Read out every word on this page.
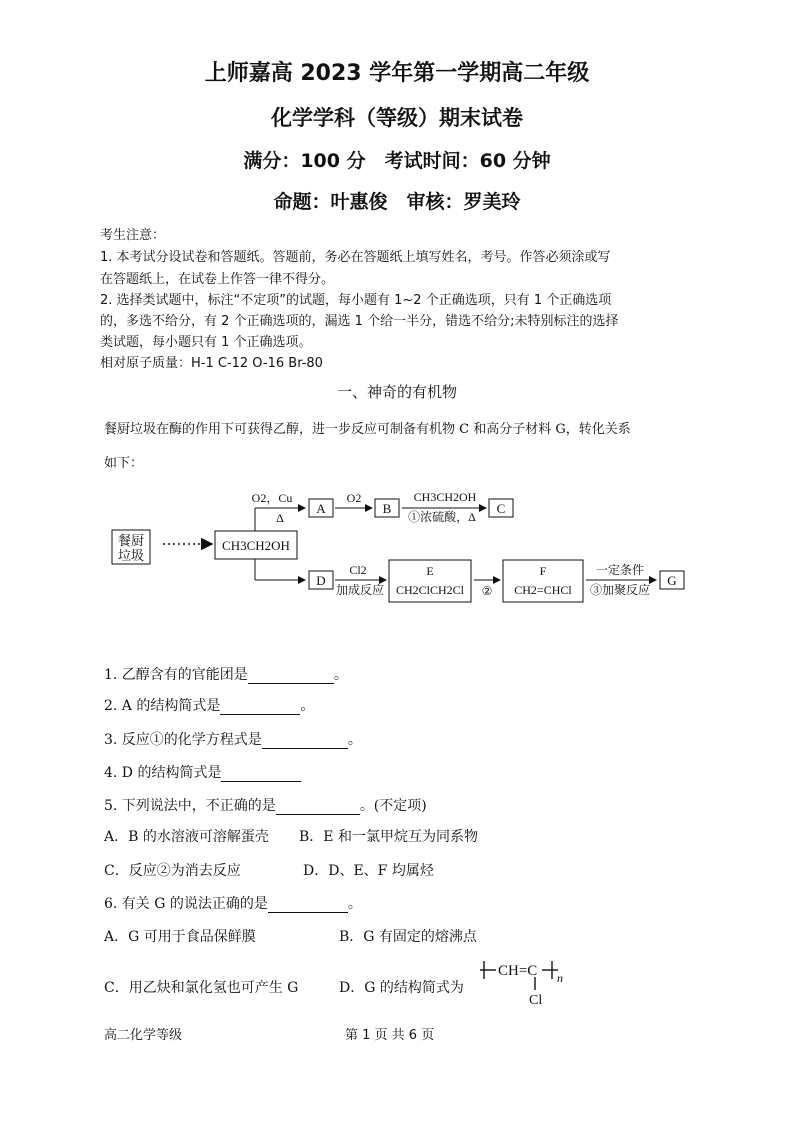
上师嘉高 2023 学年第一学期高二年级
化学学科（等级）期末试卷
满分：100 分　考试时间：60 分钟
命题：叶惠俊　审核：罗美玲
考生注意：
1. 本考试分设试卷和答题纸。答题前，务必在答题纸上填写姓名，考号。作答必须涂或写
在答题纸上，在试卷上作答一律不得分。
2. 选择类试题中，标注“不定项”的试题，每小题有 1~2 个正确选项，只有 1 个正确选项
的，多选不给分，有 2 个正确选项的，漏选 1 个给一半分，错选不给分;未特别标注的选择
类试题，每小题只有 1 个正确选项。
相对原子质量：H-1 C-12 O-16 Br-80
一、神奇的有机物
餐厨垃圾在酶的作用下可获得乙醇，进一步反应可制备有机物 C 和高分子材料 G，转化关系
如下：
餐厨
垃圾
CH3CH2OH
O2，Cu
Δ
A
O2
B
CH3CH2OH
①浓硫酸，Δ
C
D
Cl2
加成反应
E
CH2ClCH2Cl ②
F
CH2=CHCl
一定条件
③加聚反应
G
1. 乙醇含有的官能团是	。
2. A 的结构简式是	。
3. 反应①的化学方程式是	。
4. D 的结构简式是
5. 下列说法中，不正确的是	。(不定项)
A．B 的水溶液可溶解蛋壳 B．E 和一氯甲烷互为同系物
C．反应②为消去反应	D．D、E、F 均属烃
6. 有关 G 的说法正确的是	。
A．G 可用于食品保鲜膜	B．G 有固定的熔沸点
C．用乙炔和氯化氢也可产生 G	D．G 的结构简式为
CH=C n
Cl
高二化学等级	第 1 页 共 6 页
